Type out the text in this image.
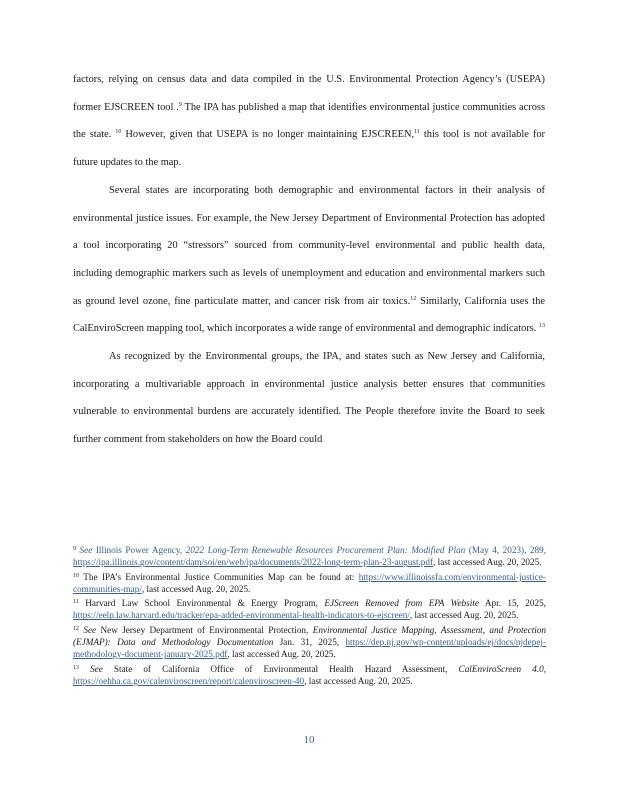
factors, relying on census data and data compiled in the U.S. Environmental Protection Agency’s (USEPA) former EJSCREEN tool .$^9$ The IPA has published a map that identifies environmental justice communities across the state. $^{10}$ However, given that USEPA is no longer maintaining EJSCREEN,$^{11}$ this tool is not available for future updates to the map.

Several states are incorporating both demographic and environmental factors in their analysis of environmental justice issues. For example, the New Jersey Department of Environmental Protection has adopted a tool incorporating 20 “stressors” sourced from community-level environmental and public health data, including demographic markers such as levels of unemployment and education and environmental markers such as ground level ozone, fine particulate matter, and cancer risk from air toxics.$^{12}$ Similarly, California uses the CalEnviroScreen mapping tool, which incorporates a wide range of environmental and demographic indicators. $^{13}$

As recognized by the Environmental groups, the IPA, and states such as New Jersey and California, incorporating a multivariable approach in environmental justice analysis better ensures that communities vulnerable to environmental burdens are accurately identified. The People therefore invite the Board to seek further comment from stakeholders on how the Board could

$^9$ See Illinois Power Agency, 2022 Long-Term Renewable Resources Procurement Plan: Modified Plan (May 4, 2023), 289, https://ipa.illinois.gov/content/dam/soi/en/web/ipa/documents/2022-long-term-plan-23-august.pdf, last accessed Aug. 20, 2025.

$^{10}$ The IPA’s Environmental Justice Communities Map can be found at: https://www.illinoissfa.com/environmental-justice-communities-map/, last accessed Aug. 20, 2025.

$^{11}$ Harvard Law School Environmental & Energy Program, EJScreen Removed from EPA Website Apr. 15, 2025, https://eelp.law.harvard.edu/tracker/epa-added-environmental-health-indicators-to-ejscreen/, last accessed Aug. 20, 2025.

$^{12}$ See New Jersey Department of Environmental Protection, Environmental Justice Mapping, Assessment, and Protection (EJMAP): Data and Methodology Documentation Jan. 31, 2025, https://dep.nj.gov/wp-content/uploads/ej/docs/njdepej-methodology-document-january-2025.pdf, last accessed Aug. 20, 2025.

$^{13}$ See State of California Office of Environmental Health Hazard Assessment, CalEnviroScreen 4.0, https://oehha.ca.gov/calenviroscreen/report/calenviroscreen-40, last accessed Aug. 20, 2025.

10
